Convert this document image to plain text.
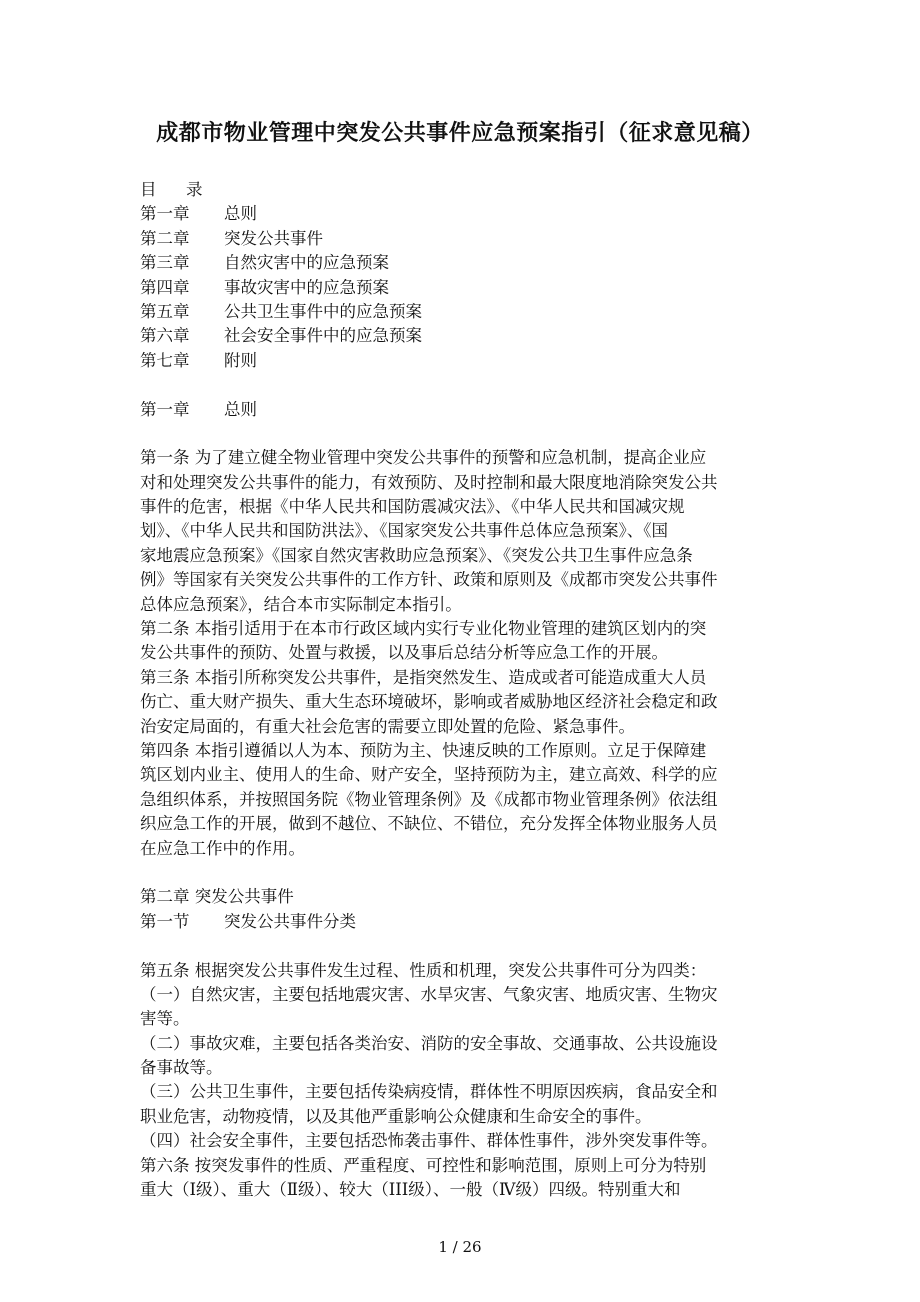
成都市物业管理中突发公共事件应急预案指引（征求意见稿）
目	录
第一章	总则
第二章	突发公共事件
第三章	自然灾害中的应急预案
第四章	事故灾害中的应急预案
第五章	公共卫生事件中的应急预案
第六章	社会安全事件中的应急预案
第七章	附则
第一章	总则
第一条 为了建立健全物业管理中突发公共事件的预警和应急机制，提高企业应
对和处理突发公共事件的能力，有效预防、及时控制和最大限度地消除突发公共
事件的危害，根据《中华人民共和国防震减灾法》、《中华人民共和国减灾规
划》、《中华人民共和国防洪法》、《国家突发公共事件总体应急预案》、《国
家地震应急预案》《国家自然灾害救助应急预案》、《突发公共卫生事件应急条
例》等国家有关突发公共事件的工作方针、政策和原则及《成都市突发公共事件
总体应急预案》，结合本市实际制定本指引。
第二条 本指引适用于在本市行政区域内实行专业化物业管理的建筑区划内的突
发公共事件的预防、处置与救援，以及事后总结分析等应急工作的开展。
第三条 本指引所称突发公共事件，是指突然发生、造成或者可能造成重大人员
伤亡、重大财产损失、重大生态环境破坏，影响或者威胁地区经济社会稳定和政
治安定局面的，有重大社会危害的需要立即处置的危险、紧急事件。
第四条 本指引遵循以人为本、预防为主、快速反映的工作原则。立足于保障建
筑区划内业主、使用人的生命、财产安全，坚持预防为主，建立高效、科学的应
急组织体系，并按照国务院《物业管理条例》及《成都市物业管理条例》依法组
织应急工作的开展，做到不越位、不缺位、不错位，充分发挥全体物业服务人员
在应急工作中的作用。
第二章 突发公共事件
第一节	突发公共事件分类
第五条 根据突发公共事件发生过程、性质和机理，突发公共事件可分为四类：
（一）自然灾害，主要包括地震灾害、水旱灾害、气象灾害、地质灾害、生物灾
害等。
（二）事故灾难，主要包括各类治安、消防的安全事故、交通事故、公共设施设
备事故等。
（三）公共卫生事件，主要包括传染病疫情，群体性不明原因疾病，食品安全和
职业危害，动物疫情，以及其他严重影响公众健康和生命安全的事件。
（四）社会安全事件，主要包括恐怖袭击事件、群体性事件，涉外突发事件等。
第六条 按突发事件的性质、严重程度、可控性和影响范围，原则上可分为特别
重大（Ⅰ级）、重大（Ⅱ级）、较大（III级）、一般（Ⅳ级）四级。特别重大和
1 / 26
